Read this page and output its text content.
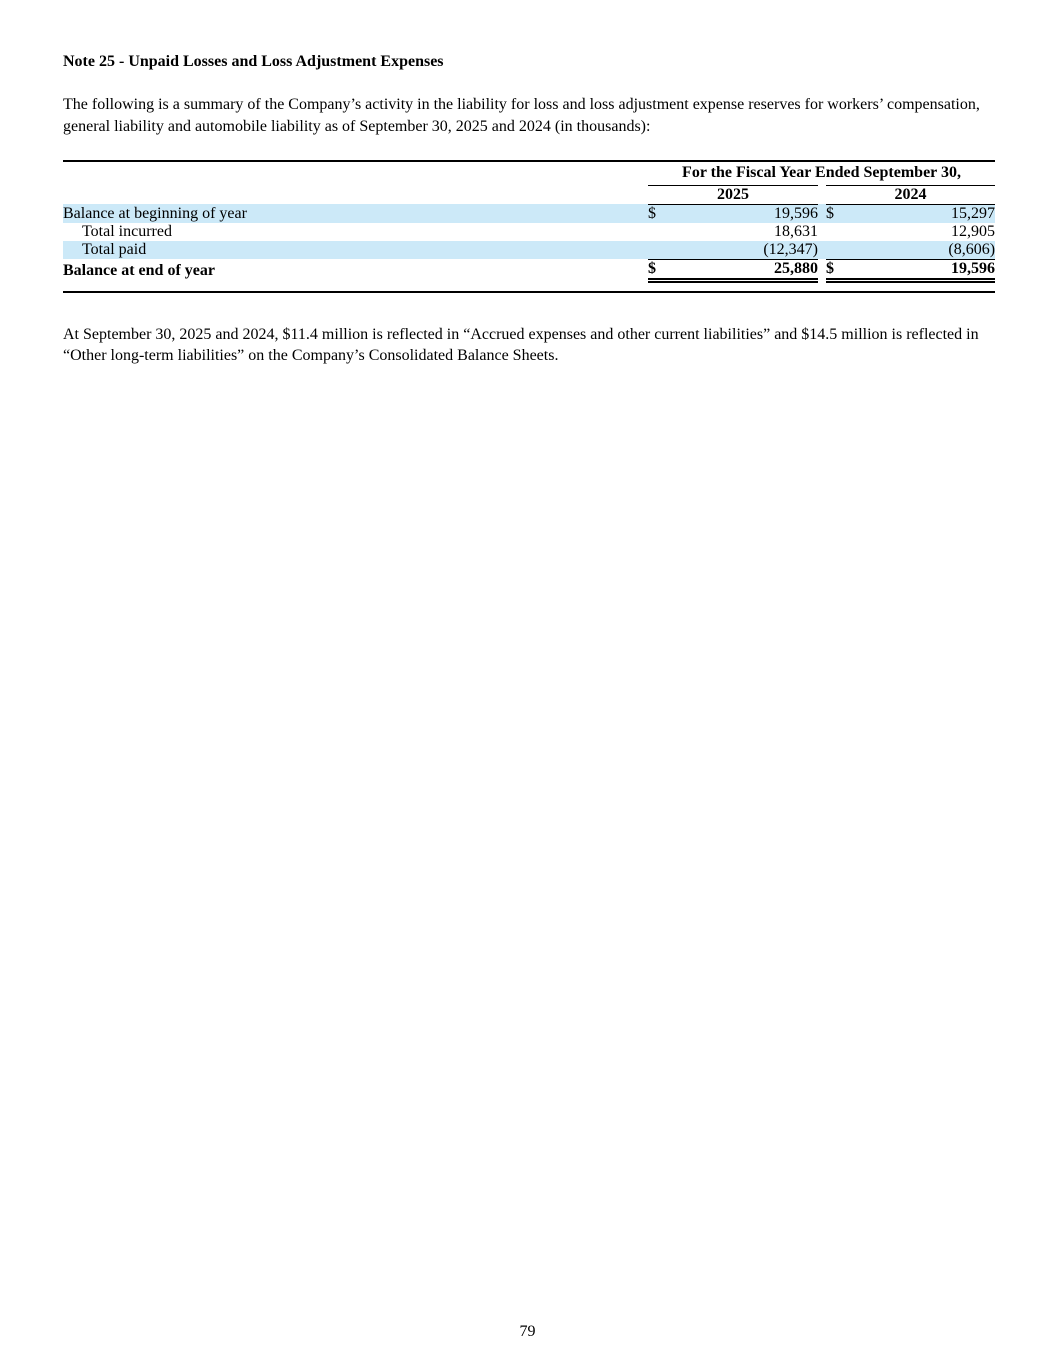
Note 25 - Unpaid Losses and Loss Adjustment Expenses

The following is a summary of the Company’s activity in the liability for loss and loss adjustment expense reserves for workers’ compensation, general liability and automobile liability as of September 30, 2025 and 2024 (in thousands):

	For the Fiscal Year Ended September 30,				

	2025			2024	
Balance at beginning of year	$	19,596		$	15,297
Total incurred		18,631			12,905
Total paid		(12,347)			(8,606)
Balance at end of year	$	25,880		$	19,596

At September 30, 2025 and 2024, $11.4 million is reflected in “Accrued expenses and other current liabilities” and $14.5 million is reflected in “Other long-term liabilities” on the Company’s Consolidated Balance Sheets.

79
